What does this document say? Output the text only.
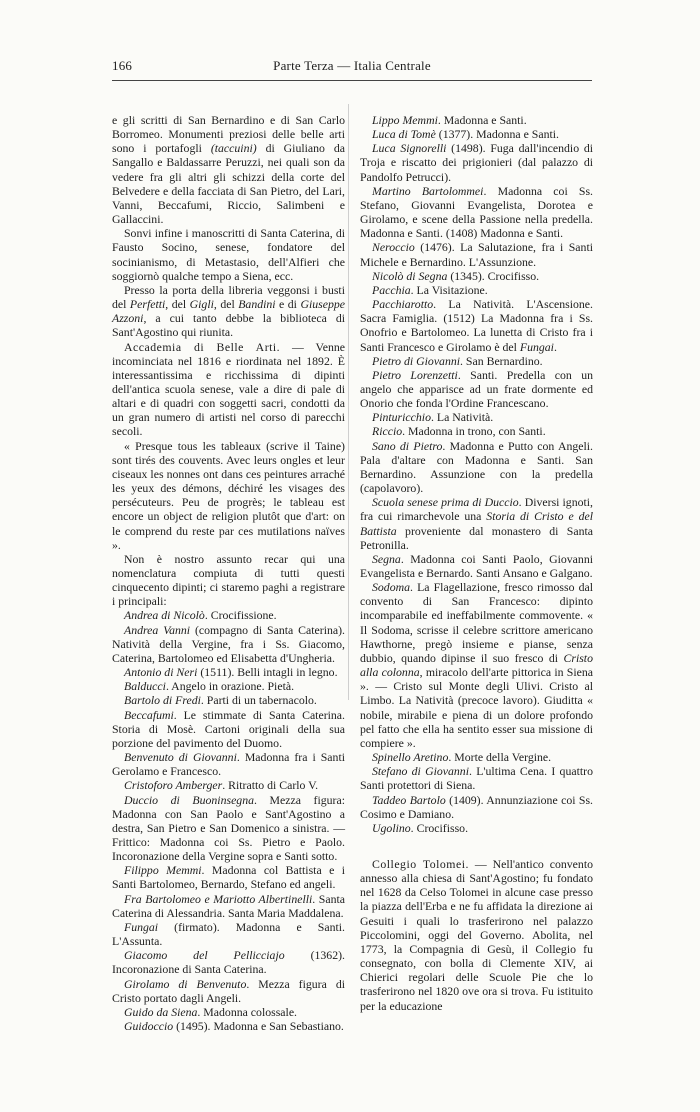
166	Parte Terza — Italia Centrale

e gli scritti di San Bernardino e di San Carlo Borromeo. Monumenti preziosi delle belle arti sono i portafogli (taccuini) di Giuliano da Sangallo e Baldassarre Peruzzi, nei quali son da vedere fra gli altri gli schizzi della corte del Belvedere e della facciata di San Pietro, del Lari, Vanni, Beccafumi, Riccio, Salimbeni e Gallaccini.

Sonvi infine i manoscritti di Santa Caterina, di Fausto Socino, senese, fondatore del socinianismo, di Metastasio, dell'Alfieri che soggiornò qualche tempo a Siena, ecc.

Presso la porta della libreria veggonsi i busti del Perfetti, del Gigli, del Bandini e di Giuseppe Azzoni, a cui tanto debbe la biblioteca di Sant'Agostino qui riunita.

Accademia di Belle Arti. — Venne incominciata nel 1816 e riordinata nel 1892. È interessantissima e ricchissima di dipinti dell'antica scuola senese, vale a dire di pale di altari e di quadri con soggetti sacri, condotti da un gran numero di artisti nel corso di parecchi secoli.

« Presque tous les tableaux (scrive il Taine) sont tirés des couvents. Avec leurs ongles et leur ciseaux les nonnes ont dans ces peintures arraché les yeux des démons, déchiré les visages des persécuteurs. Peu de progrès; le tableau est encore un object de religion plutôt que d'art: on le comprend du reste par ces mutilations naïves ».

Non è nostro assunto recar qui una nomenclatura compiuta di tutti questi cinquecento dipinti; ci staremo paghi a registrare i principali:

Andrea di Nicolò. Crocifissione.

Andrea Vanni (compagno di Santa Caterina). Natività della Vergine, fra i Ss. Giacomo, Caterina, Bartolomeo ed Elisabetta d'Ungheria.

Antonio di Neri (1511). Belli intagli in legno.

Balducci. Angelo in orazione. Pietà.

Bartolo di Fredi. Parti di un tabernacolo.

Beccafumi. Le stimmate di Santa Caterina. Storia di Mosè. Cartoni originali della sua porzione del pavimento del Duomo.

Benvenuto di Giovanni. Madonna fra i Santi Gerolamo e Francesco.

Cristoforo Amberger. Ritratto di Carlo V.

Duccio di Buoninsegna. Mezza figura: Madonna con San Paolo e Sant'Agostino a destra, San Pietro e San Domenico a sinistra. — Frittico: Madonna coi Ss. Pietro e Paolo. Incoronazione della Vergine sopra e Santi sotto.

Filippo Memmi. Madonna col Battista e i Santi Bartolomeo, Bernardo, Stefano ed angeli.

Fra Bartolomeo e Mariotto Albertinelli. Santa Caterina di Alessandria. Santa Maria Maddalena.

Fungai (firmato). Madonna e Santi. L'Assunta.

Giacomo del Pellicciajo (1362). Incoronazione di Santa Caterina.

Girolamo di Benvenuto. Mezza figura di Cristo portato dagli Angeli.

Guido da Siena. Madonna colossale.

Guidoccio (1495). Madonna e San Sebastiano.

Lippo Memmi. Madonna e Santi.

Luca di Tomè (1377). Madonna e Santi.

Luca Signorelli (1498). Fuga dall'incendio di Troja e riscatto dei prigionieri (dal palazzo di Pandolfo Petrucci).

Martino Bartolommei. Madonna coi Ss. Stefano, Giovanni Evangelista, Dorotea e Girolamo, e scene della Passione nella predella. Madonna e Santi. (1408) Madonna e Santi.

Neroccio (1476). La Salutazione, fra i Santi Michele e Bernardino. L'Assunzione.

Nicolò di Segna (1345). Crocifisso.

Pacchia. La Visitazione.

Pacchiarotto. La Natività. L'Ascensione. Sacra Famiglia. (1512) La Madonna fra i Ss. Onofrio e Bartolomeo. La lunetta di Cristo fra i Santi Francesco e Girolamo è del Fungai.

Pietro di Giovanni. San Bernardino.

Pietro Lorenzetti. Santi. Predella con un angelo che apparisce ad un frate dormente ed Onorio che fonda l'Ordine Francescano.

Pinturicchio. La Natività.

Riccio. Madonna in trono, con Santi.

Sano di Pietro. Madonna e Putto con Angeli. Pala d'altare con Madonna e Santi. San Bernardino. Assunzione con la predella (capolavoro).

Scuola senese prima di Duccio. Diversi ignoti, fra cui rimarchevole una Storia di Cristo e del Battista proveniente dal monastero di Santa Petronilla.

Segna. Madonna coi Santi Paolo, Giovanni Evangelista e Bernardo. Santi Ansano e Galgano.

Sodoma. La Flagellazione, fresco rimosso dal convento di San Francesco: dipinto incomparabile ed ineffabilmente commovente. « Il Sodoma, scrisse il celebre scrittore americano Hawthorne, pregò insieme e pianse, senza dubbio, quando dipinse il suo fresco di Cristo alla colonna, miracolo dell'arte pittorica in Siena ». — Cristo sul Monte degli Ulivi. Cristo al Limbo. La Natività (precoce lavoro). Giuditta « nobile, mirabile e piena di un dolore profondo pel fatto che ella ha sentito esser sua missione di compiere ».

Spinello Aretino. Morte della Vergine.

Stefano di Giovanni. L'ultima Cena. I quattro Santi protettori di Siena.

Taddeo Bartolo (1409). Annunziazione coi Ss. Cosimo e Damiano.

Ugolino. Crocifisso.

Collegio Tolomei. — Nell'antico convento annesso alla chiesa di Sant'Agostino; fu fondato nel 1628 da Celso Tolomei in alcune case presso la piazza dell'Erba e ne fu affidata la direzione ai Gesuiti i quali lo trasferirono nel palazzo Piccolomini, oggi del Governo. Abolita, nel 1773, la Compagnia di Gesù, il Collegio fu consegnato, con bolla di Clemente XIV, ai Chierici regolari delle Scuole Pie che lo trasferirono nel 1820 ove ora si trova. Fu istituito per la educazione
